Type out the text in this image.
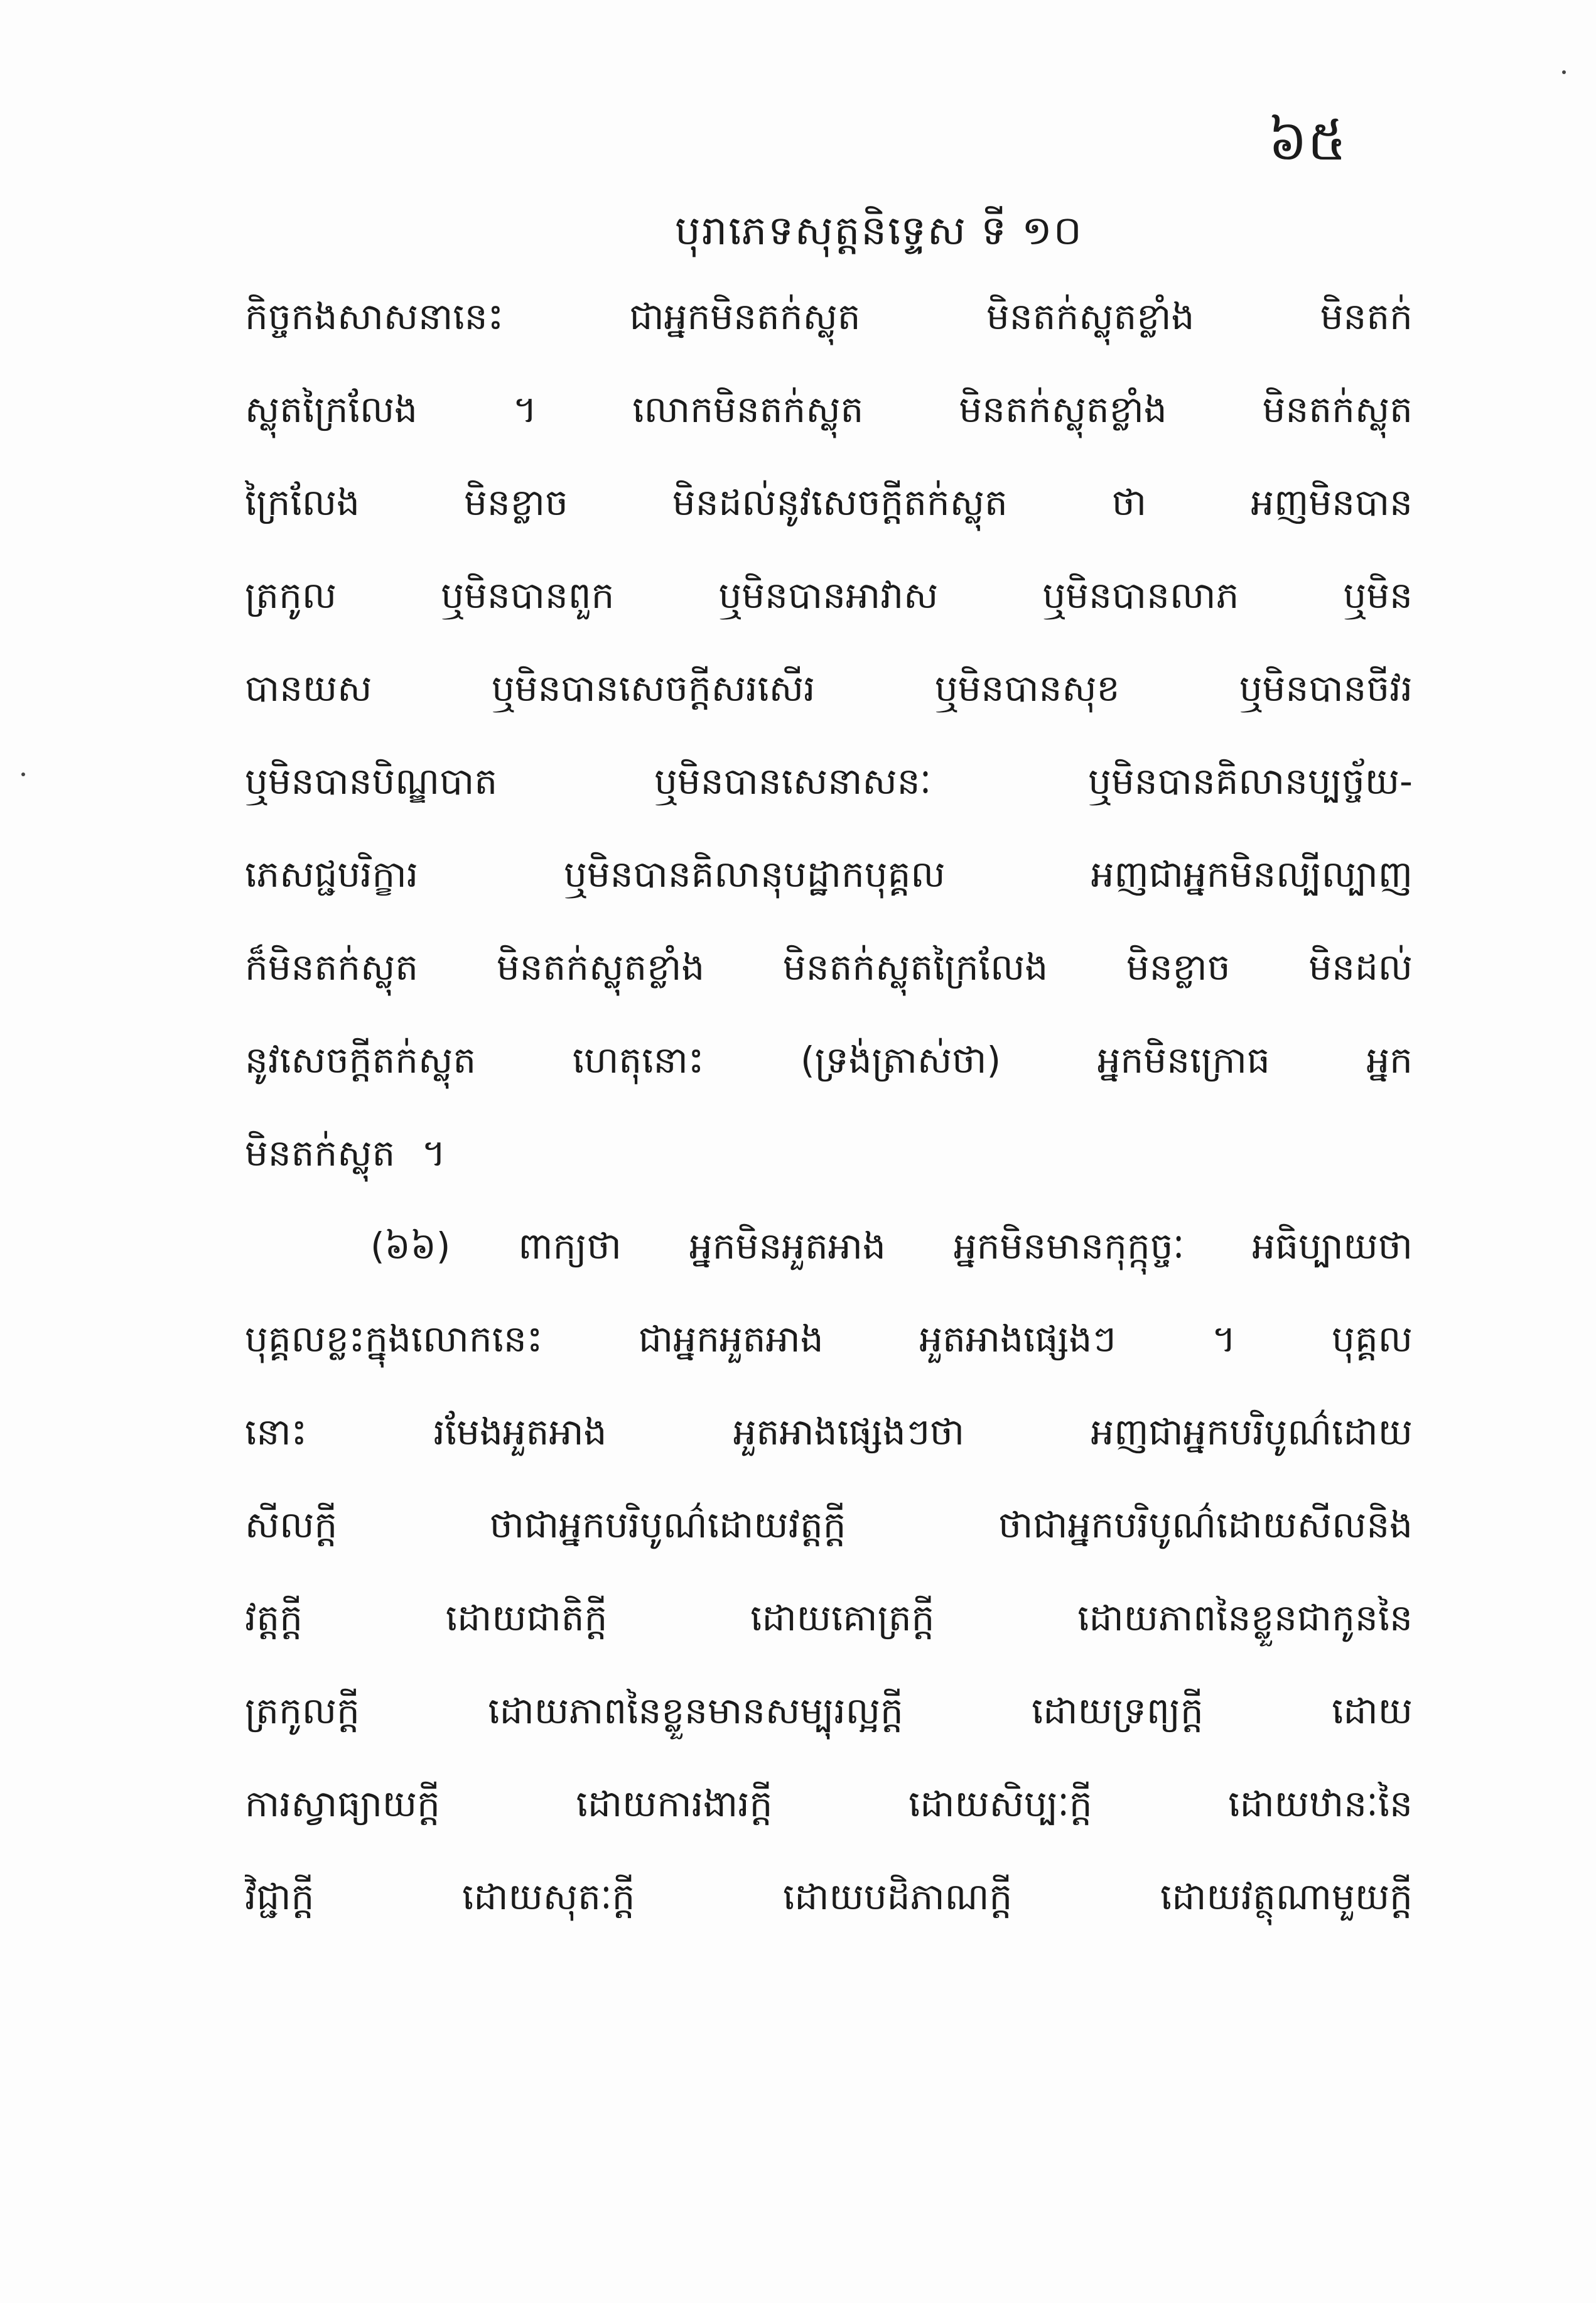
៦៥
បុរាភេទសុត្តនិទ្ទេស ទី ១០
កិច្ចកងសាសនានេះ ជាអ្នកមិនតក់ស្លុត មិនតក់ស្លុតខ្លាំង មិនតក់
ស្លុតក្រៃលែង ។ លោកមិនតក់ស្លុត មិនតក់ស្លុតខ្លាំង មិនតក់ស្លុត
ក្រៃលែង មិនខ្លាច មិនដល់នូវសេចក្តីតក់ស្លុត ថា អញមិនបាន
ត្រកូល ឬមិនបានពួក ឬមិនបានអាវាស ឬមិនបានលាភ ឬមិន
បានយស ឬមិនបានសេចក្តីសរសើរ ឬមិនបានសុខ ឬមិនបានចីវរ
ឬមិនបានបិណ្ឌបាត ឬមិនបានសេនាសនៈ ឬមិនបានគិលានប្បច្ច័យ-
ភេសជ្ជបរិក្ខារ ឬមិនបានគិលានុបដ្ឋាកបុគ្គល អញជាអ្នកមិនល្បីល្បាញ
ក៏មិនតក់ស្លុត មិនតក់ស្លុតខ្លាំង មិនតក់ស្លុតក្រៃលែង មិនខ្លាច មិនដល់
នូវសេចក្តីតក់ស្លុត ហេតុនោះ (ទ្រង់ត្រាស់ថា) អ្នកមិនក្រោធ អ្នក
មិនតក់ស្លុត ។
(៦៦) ពាក្យថា អ្នកមិនអួតអាង អ្នកមិនមានកុក្កុច្ចៈ អធិប្បាយថា
បុគ្គលខ្លះក្នុងលោកនេះ ជាអ្នកអួតអាង អួតអាងផ្សេងៗ ។ បុគ្គល
នោះ រមែងអួតអាង អួតអាងផ្សេងៗថា អញជាអ្នកបរិបូណ៌ដោយ
សីលក្តី ថាជាអ្នកបរិបូណ៌ដោយវត្តក្តី ថាជាអ្នកបរិបូណ៌ដោយសីលនិង
វត្តក្តី ដោយជាតិក្តី ដោយគោត្រក្តី ដោយភាពនៃខ្លួនជាកូននៃ
ត្រកូលក្តី ដោយភាពនៃខ្លួនមានសម្បុរល្អក្តី ដោយទ្រព្យក្តី ដោយ
ការស្វាធ្យាយក្តី ដោយការងារក្តី ដោយសិប្បៈក្តី ដោយឋានៈនៃ
វិជ្ជាក្តី ដោយសុតៈក្តី ដោយបដិភាណក្តី ដោយវត្ថុណាមួយក្តី
